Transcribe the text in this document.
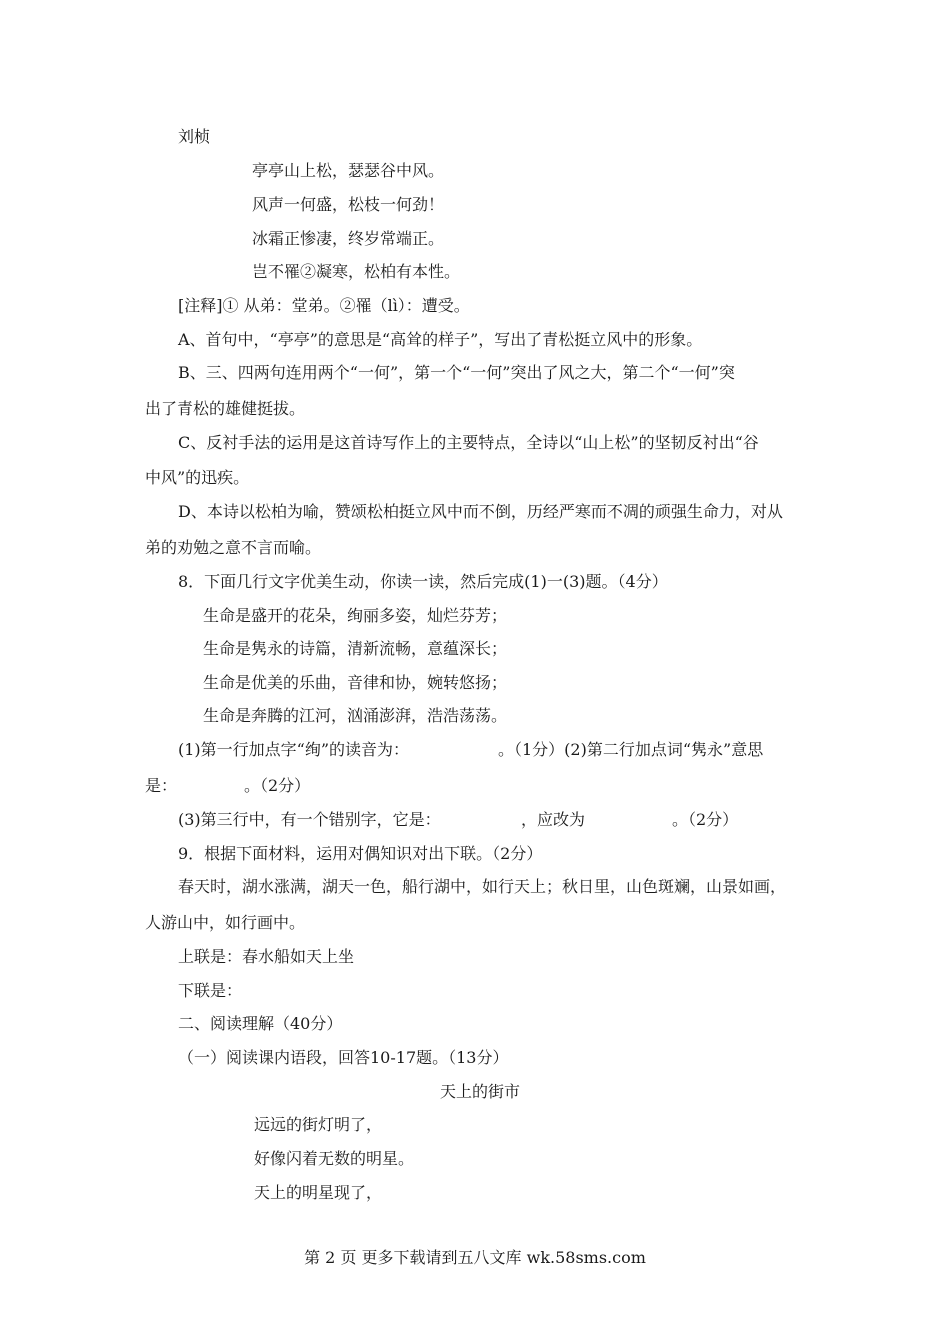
刘桢
亭亭山上松，瑟瑟谷中风。
风声一何盛，松枝一何劲！
冰霜正惨凄，终岁常端正。
岂不罹②凝寒，松柏有本性。
[注释]① 从弟：堂弟。②罹（lì）：遭受。
A、首句中，“亭亭”的意思是“高耸的样子”，写出了青松挺立风中的形象。
B、三、四两句连用两个“一何”，第一个“一何”突出了风之大，第二个“一何”突
出了青松的雄健挺拔。
C、反衬手法的运用是这首诗写作上的主要特点，全诗以“山上松”的坚韧反衬出“谷
中风”的迅疾。
D、本诗以松柏为喻，赞颂松柏挺立风中而不倒，历经严寒而不凋的顽强生命力，对从
弟的劝勉之意不言而喻。
8．下面几行文字优美生动，你读一读，然后完成(1)一(3)题。（4分）
生命是盛开的花朵，绚丽多姿，灿烂芬芳；
生命是隽永的诗篇，清新流畅，意蕴深长；
生命是优美的乐曲，音律和协，婉转悠扬；
生命是奔腾的江河，汹涌澎湃，浩浩荡荡。
(1)第一行加点字“绚”的读音为：	。（1分）(2)第二行加点词“隽永”意思
是：	。（2分）
(3)第三行中，有一个错别字，它是：	，应改为	。（2分）
9．根据下面材料，运用对偶知识对出下联。（2分）
春天时，湖水涨满，湖天一色，船行湖中，如行天上；秋日里，山色斑斓，山景如画，
人游山中，如行画中。
上联是：春水船如天上坐
下联是：
二、阅读理解（40分）
（一）阅读课内语段，回答10-17题。（13分）
天上的街市
远远的街灯明了，
好像闪着无数的明星。
天上的明星现了，
第 2 页 更多下载请到五八文库 wk.58sms.com
